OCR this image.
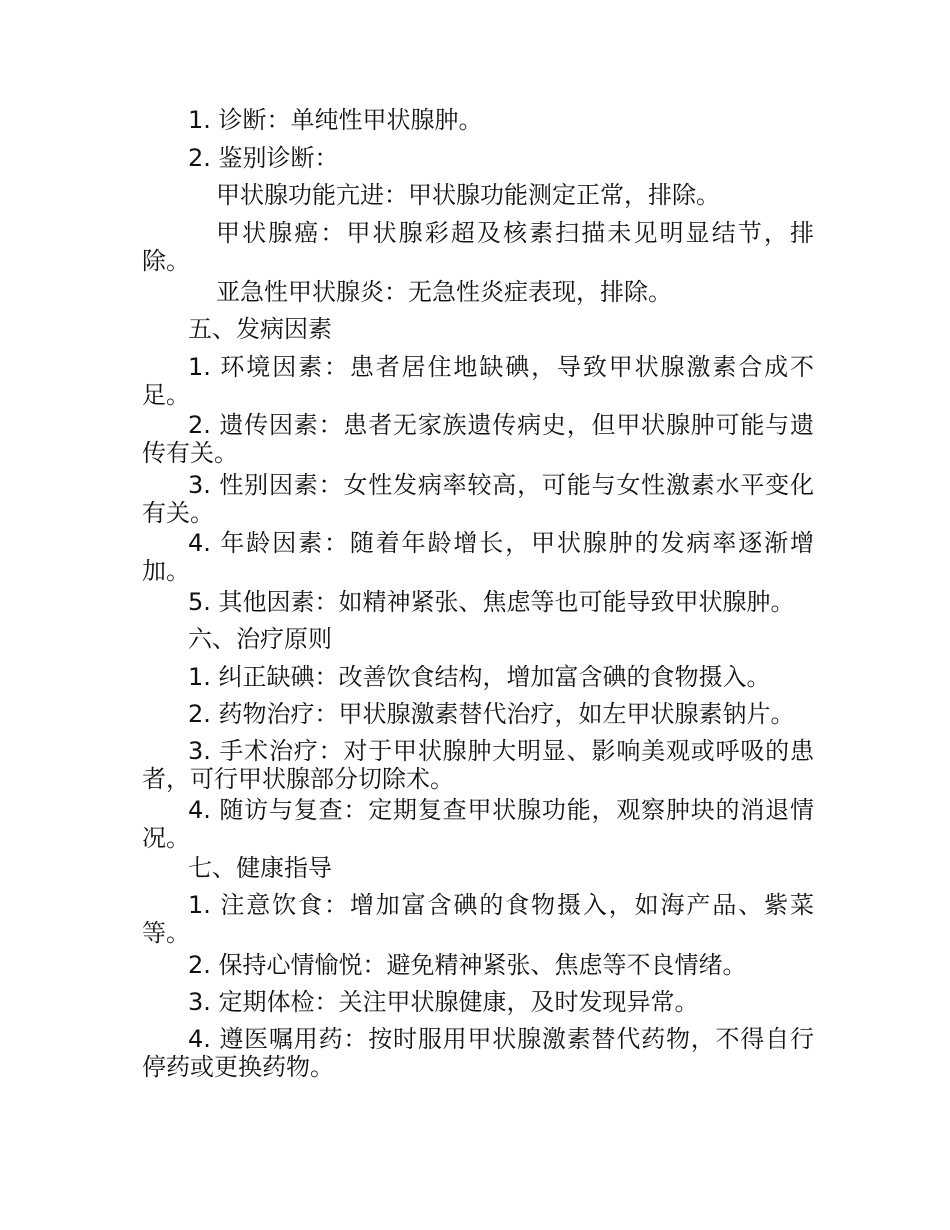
1. 诊断：单纯性甲状腺肿。

2. 鉴别诊断：

甲状腺功能亢进：甲状腺功能测定正常，排除。

甲状腺癌：甲状腺彩超及核素扫描未见明显结节，排除。

亚急性甲状腺炎：无急性炎症表现，排除。

五、发病因素

1. 环境因素：患者居住地缺碘，导致甲状腺激素合成不足。

2. 遗传因素：患者无家族遗传病史，但甲状腺肿可能与遗传有关。

3. 性别因素：女性发病率较高，可能与女性激素水平变化有关。

4. 年龄因素：随着年龄增长，甲状腺肿的发病率逐渐增加。

5. 其他因素：如精神紧张、焦虑等也可能导致甲状腺肿。

六、治疗原则

1. 纠正缺碘：改善饮食结构，增加富含碘的食物摄入。

2. 药物治疗：甲状腺激素替代治疗，如左甲状腺素钠片。

3. 手术治疗：对于甲状腺肿大明显、影响美观或呼吸的患者，可行甲状腺部分切除术。

4. 随访与复查：定期复查甲状腺功能，观察肿块的消退情况。

七、健康指导

1. 注意饮食：增加富含碘的食物摄入，如海产品、紫菜等。

2. 保持心情愉悦：避免精神紧张、焦虑等不良情绪。

3. 定期体检：关注甲状腺健康，及时发现异常。

4. 遵医嘱用药：按时服用甲状腺激素替代药物，不得自行停药或更换药物。
